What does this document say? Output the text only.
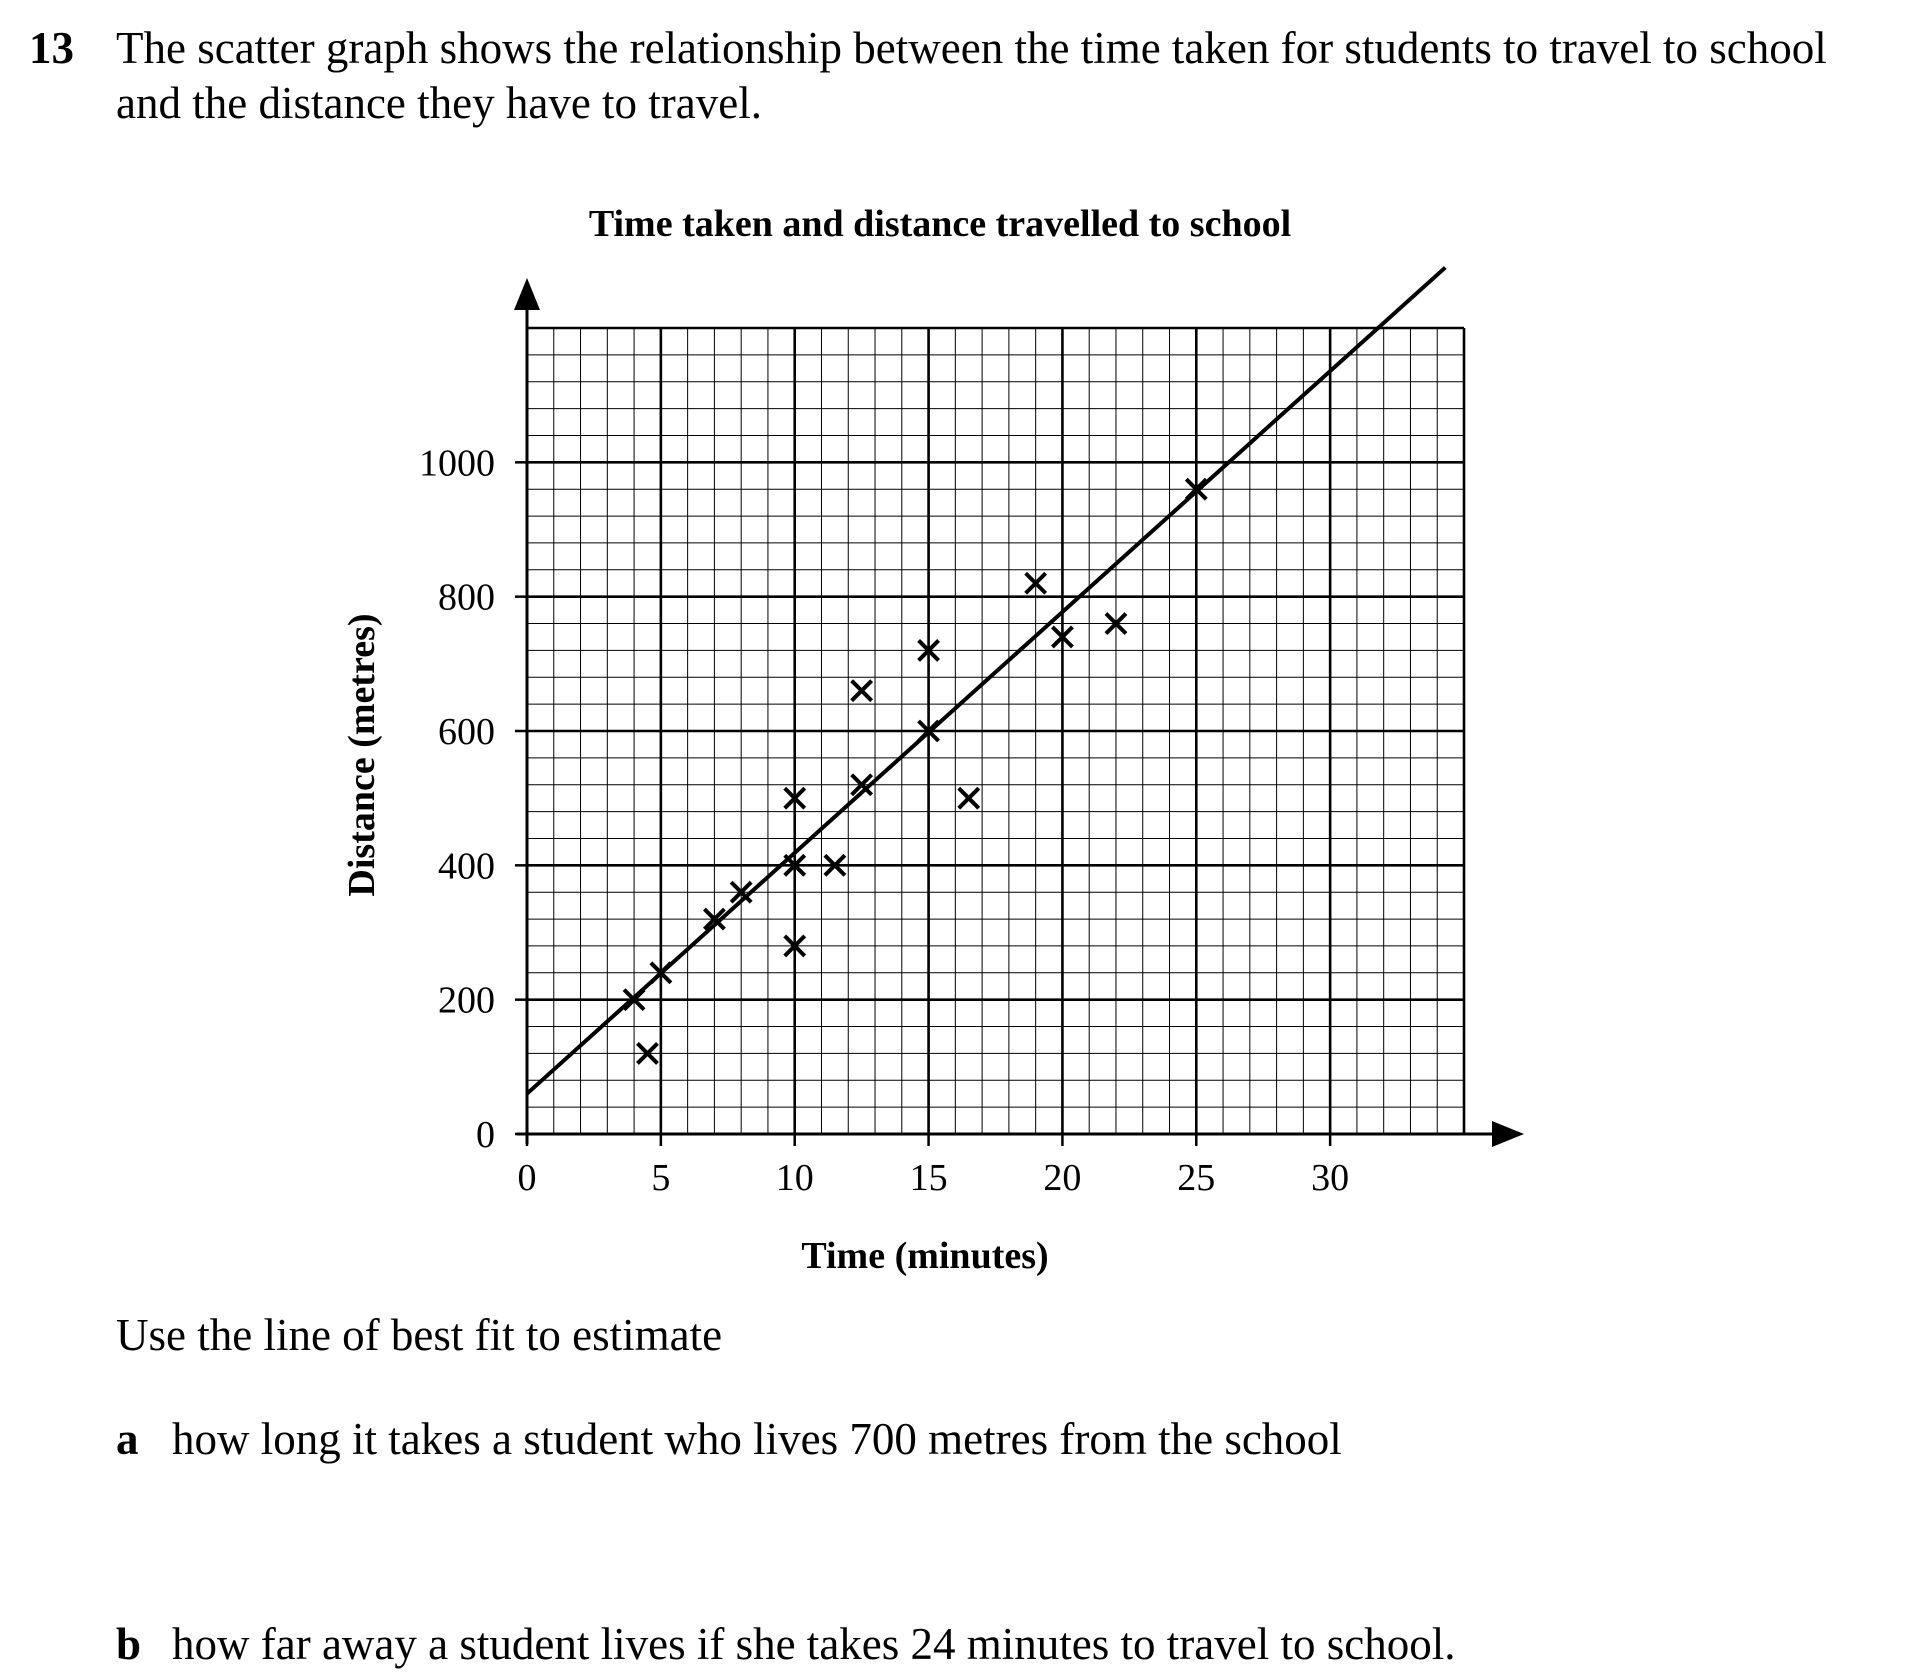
13 The scatter graph shows the relationship between the time taken for students to travel to school
and the distance they have to travel.
0	5	10	15	20	25	30
0
200
400
600
800
1000
Time taken and distance travelled to school
Time (minutes)
Distance (metres)
Use the line of best fit to estimate
a how long it takes a student who lives 700 metres from the school
b how far away a student lives if she takes 24 minutes to travel to school.
